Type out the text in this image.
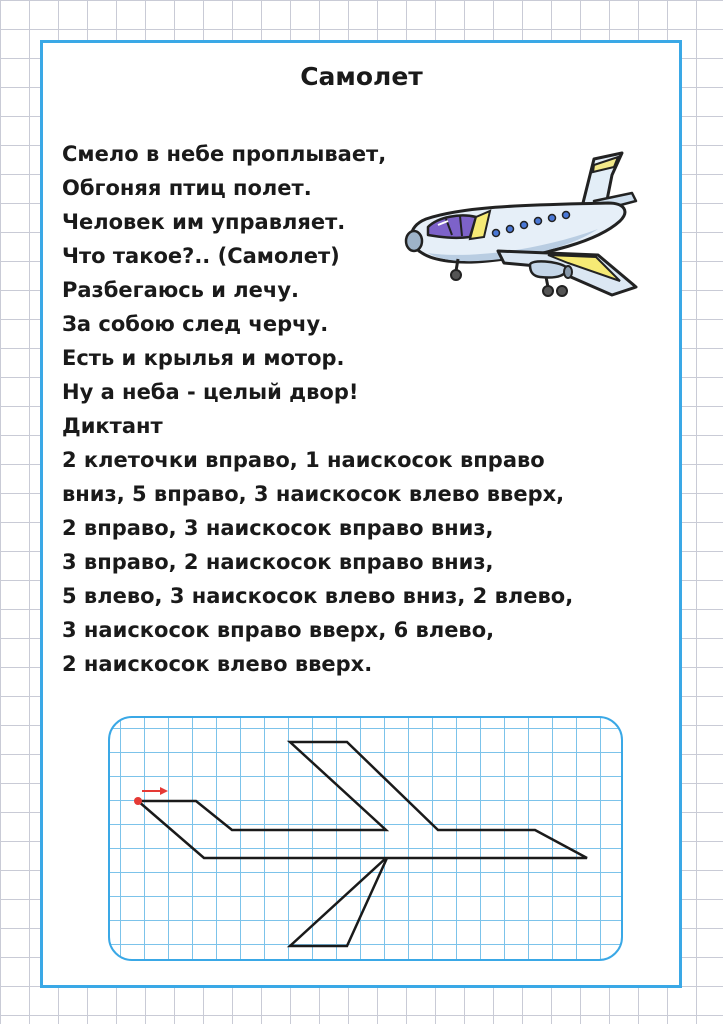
Самолет
Смело в небе проплывает,
Обгоняя птиц полет.
Человек им управляет.
Что такое?.. (Самолет)
Разбегаюсь и лечу.
За собою след черчу.
Есть и крылья и мотор.
Ну а неба - целый двор!
Диктант
2 клеточки вправо, 1 наискосок вправо
вниз, 5 вправо, 3 наискосок влево вверх,
2 вправо, 3 наискосок вправо вниз,
3 вправо, 2 наискосок вправо вниз,
5 влево, 3 наискосок влево вниз, 2 влево,
3 наискосок вправо вверх, 6 влево,
2 наискосок влево вверх.
